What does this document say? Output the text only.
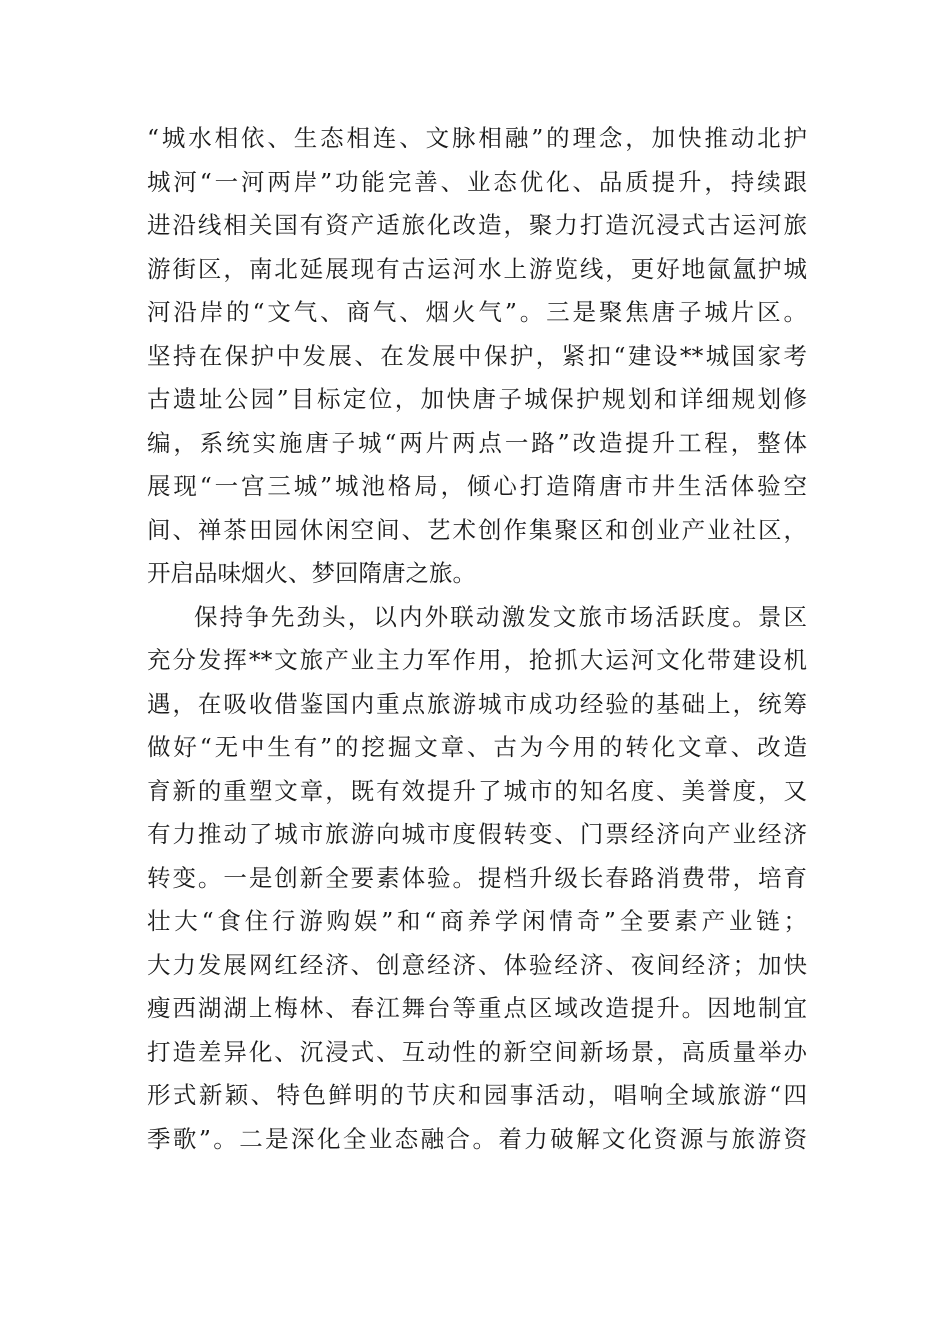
“城水相依、生态相连、文脉相融”的理念，加快推动北护
城河“一河两岸”功能完善、业态优化、品质提升，持续跟
进沿线相关国有资产适旅化改造，聚力打造沉浸式古运河旅
游街区，南北延展现有古运河水上游览线，更好地氤氲护城
河沿岸的“文气、商气、烟火气”。三是聚焦唐子城片区。
坚持在保护中发展、在发展中保护，紧扣“建设**城国家考
古遗址公园”目标定位，加快唐子城保护规划和详细规划修
编，系统实施唐子城“两片两点一路”改造提升工程，整体
展现“一宫三城”城池格局，倾心打造隋唐市井生活体验空
间、禅茶田园休闲空间、艺术创作集聚区和创业产业社区，
开启品味烟火、梦回隋唐之旅。
保持争先劲头，以内外联动激发文旅市场活跃度。景区
充分发挥**文旅产业主力军作用，抢抓大运河文化带建设机
遇，在吸收借鉴国内重点旅游城市成功经验的基础上，统筹
做好“无中生有”的挖掘文章、古为今用的转化文章、改造
育新的重塑文章，既有效提升了城市的知名度、美誉度，又
有力推动了城市旅游向城市度假转变、门票经济向产业经济
转变。一是创新全要素体验。提档升级长春路消费带，培育
壮大“食住行游购娱”和“商养学闲情奇”全要素产业链；
大力发展网红经济、创意经济、体验经济、夜间经济；加快
瘦西湖湖上梅林、春江舞台等重点区域改造提升。因地制宜
打造差异化、沉浸式、互动性的新空间新场景，高质量举办
形式新颖、特色鲜明的节庆和园事活动，唱响全域旅游“四
季歌”。二是深化全业态融合。着力破解文化资源与旅游资
